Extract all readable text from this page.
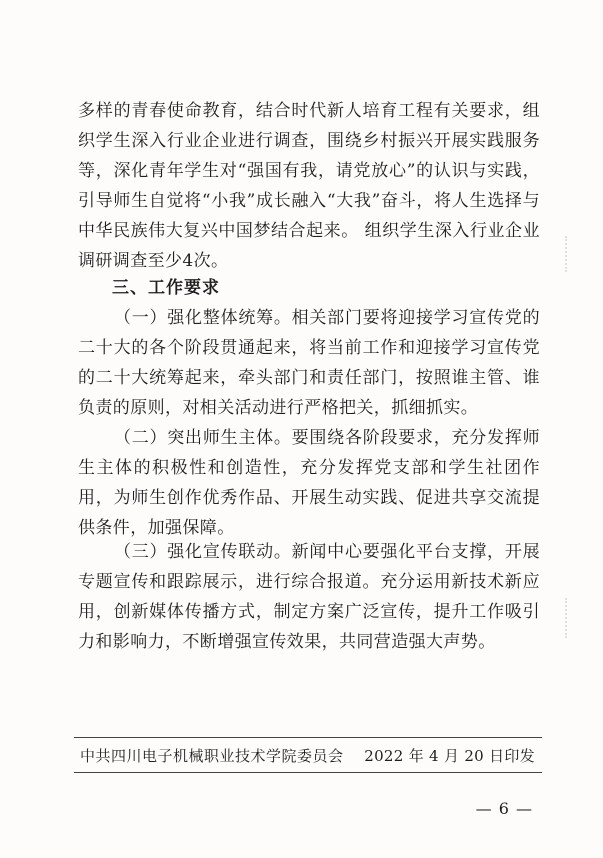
多样的青春使命教育，结合时代新人培育工程有关要求，组织学生深入行业企业进行调查，围绕乡村振兴开展实践服务等，深化青年学生对“强国有我，请党放心”的认识与实践，引导师生自觉将“小我”成长融入“大我”奋斗，将人生选择与中华民族伟大复兴中国梦结合起来。 组织学生深入行业企业调研调查至少4次。

三、工作要求

（一）强化整体统筹。相关部门要将迎接学习宣传党的二十大的各个阶段贯通起来，将当前工作和迎接学习宣传党的二十大统筹起来，牵头部门和责任部门，按照谁主管、谁负责的原则，对相关活动进行严格把关，抓细抓实。

（二）突出师生主体。要围绕各阶段要求，充分发挥师生主体的积极性和创造性，充分发挥党支部和学生社团作用，为师生创作优秀作品、开展生动实践、促进共享交流提供条件，加强保障。

（三）强化宣传联动。新闻中心要强化平台支撑，开展专题宣传和跟踪展示，进行综合报道。充分运用新技术新应用，创新媒体传播方式，制定方案广泛宣传，提升工作吸引力和影响力，不断增强宣传效果，共同营造强大声势。

中共四川电子机械职业技术学院委员会 2022 年 4 月 20 日印发
— 6 —
